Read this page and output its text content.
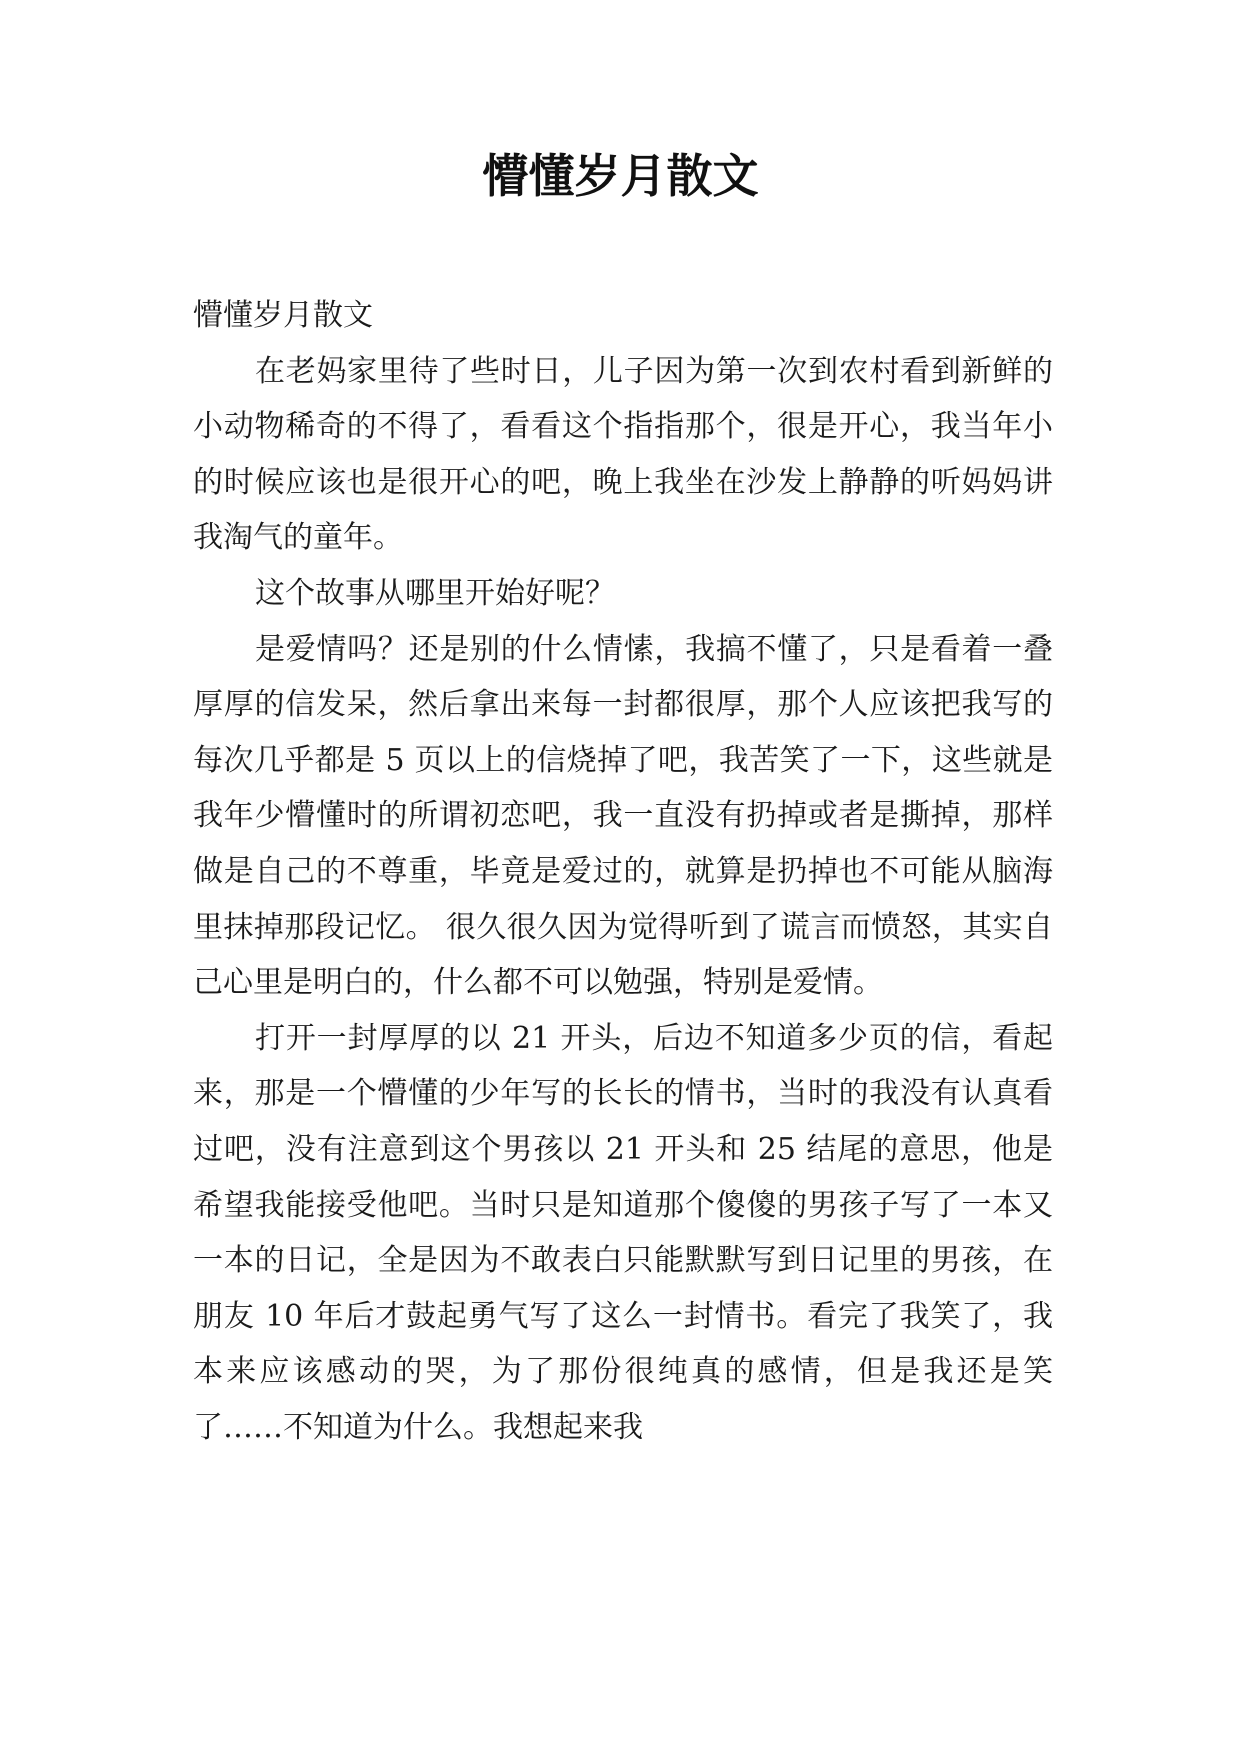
懵懂岁月散文

懵懂岁月散文

在老妈家里待了些时日，儿子因为第一次到农村看到新鲜的小动物稀奇的不得了，看看这个指指那个，很是开心，我当年小的时候应该也是很开心的吧，晚上我坐在沙发上静静的听妈妈讲我淘气的童年。

这个故事从哪里开始好呢？

是爱情吗？还是别的什么情愫，我搞不懂了，只是看着一叠厚厚的信发呆，然后拿出来每一封都很厚，那个人应该把我写的每次几乎都是 5 页以上的信烧掉了吧，我苦笑了一下，这些就是我年少懵懂时的所谓初恋吧，我一直没有扔掉或者是撕掉，那样做是自己的不尊重，毕竟是爱过的，就算是扔掉也不可能从脑海里抹掉那段记忆。 很久很久因为觉得听到了谎言而愤怒，其实自己心里是明白的，什么都不可以勉强，特别是爱情。

打开一封厚厚的以 21 开头，后边不知道多少页的信，看起来，那是一个懵懂的少年写的长长的情书，当时的我没有认真看过吧，没有注意到这个男孩以 21 开头和 25 结尾的意思，他是希望我能接受他吧。当时只是知道那个傻傻的男孩子写了一本又一本的日记，全是因为不敢表白只能默默写到日记里的男孩，在朋友 10 年后才鼓起勇气写了这么一封情书。看完了我笑了，我本来应该感动的哭，为了那份很纯真的感情，但是我还是笑了……不知道为什么。我想起来我
